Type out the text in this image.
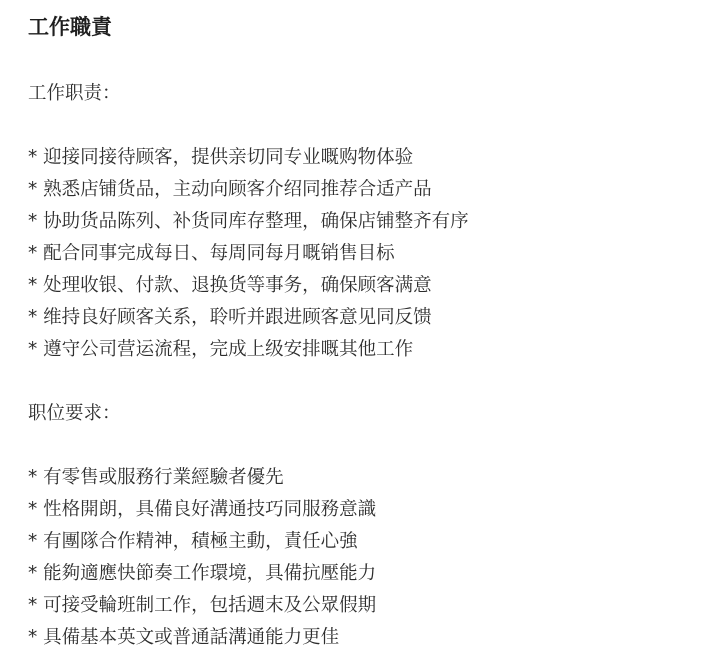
工作職責
工作职责：
* 迎接同接待顾客，提供亲切同专业嘅购物体验
* 熟悉店铺货品，主动向顾客介绍同推荐合适产品
* 协助货品陈列、补货同库存整理，确保店铺整齐有序
* 配合同事完成每日、每周同每月嘅销售目标
* 处理收银、付款、退换货等事务，确保顾客满意
* 维持良好顾客关系，聆听并跟进顾客意见同反馈
* 遵守公司营运流程，完成上级安排嘅其他工作
职位要求：
* 有零售或服務行業經驗者優先
* 性格開朗，具備良好溝通技巧同服務意識
* 有團隊合作精神，積極主動，責任心強
* 能夠適應快節奏工作環境，具備抗壓能力
* 可接受輪班制工作，包括週末及公眾假期
* 具備基本英文或普通話溝通能力更佳
